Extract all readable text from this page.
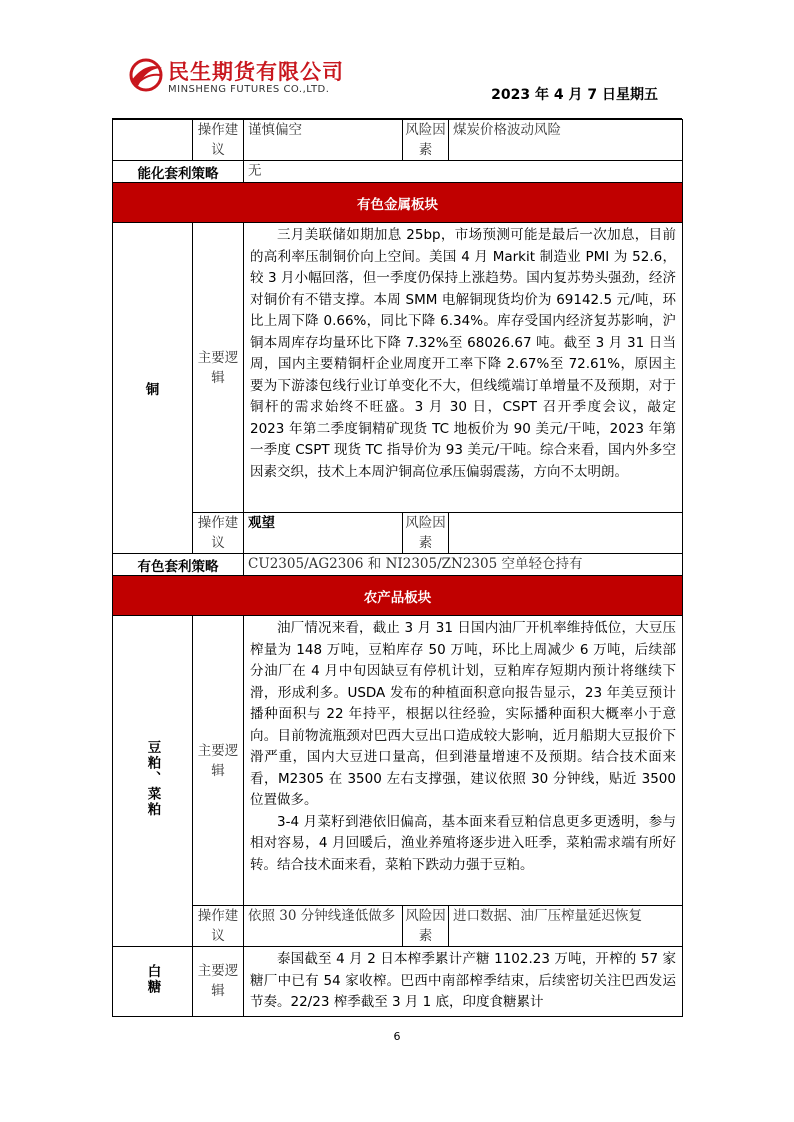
民生期货有限公司
MINSHENG FUTURES CO.,LTD.	2023 年 4 月 7 日星期五
	操作建议	谨慎偏空	风险因素	煤炭价格波动风险
能化套利策略		无		
有色金属板块				
铜	主要逻辑	三月美联储如期加息 25bp，市场预测可能是最后一次加息，目前的高利率压制铜价向上空间。美国 4 月 Markit 制造业 PMI 为 52.6，较 3 月小幅回落，但一季度仍保持上涨趋势。国内复苏势头强劲，经济对铜价有不错支撑。本周 SMM 电解铜现货均价为 69142.5 元/吨，环比上周下降 0.66%，同比下降 6.34%。库存受国内经济复苏影响，沪铜本周库存均量环比下降 7.32%至 68026.67 吨。截至 3 月 31 日当周，国内主要精铜杆企业周度开工率下降 2.67%至 72.61%，原因主要为下游漆包线行业订单变化不大，但线缆端订单增量不及预期，对于铜杆的需求始终不旺盛。3 月 30 日，CSPT 召开季度会议，敲定 2023 年第二季度铜精矿现货 TC 地板价为 90 美元/干吨，2023 年第一季度 CSPT 现货 TC 指导价为 93 美元/干吨。综合来看，国内外多空因素交织，技术上本周沪铜高位承压偏弱震荡，方向不太明朗。		

	操作建议	观望	风险因素	
有色套利策略		CU2305/AG2306 和 NI2305/ZN2305 空单轻仓持有		
农产品板块				
豆粕、菜粕	主要逻辑	油厂情况来看，截止 3 月 31 日国内油厂开机率维持低位，大豆压榨量为 148 万吨，豆粕库存 50 万吨，环比上周减少 6 万吨，后续部分油厂在 4 月中旬因缺豆有停机计划，豆粕库存短期内预计将继续下滑，形成利多。USDA 发布的种植面积意向报告显示，23 年美豆预计播种面积与 22 年持平，根据以往经验，实际播种面积大概率小于意向。目前物流瓶颈对巴西大豆出口造成较大影响，近月船期大豆报价下滑严重，国内大豆进口量高，但到港量增速不及预期。结合技术面来看，M2305 在 3500 左右支撑强，建议依照 30 分钟线，贴近 3500 位置做多。

3-4 月菜籽到港依旧偏高，基本面来看豆粕信息更多更透明，参与相对容易，4 月回暖后，渔业养殖将逐步进入旺季，菜粕需求端有所好转。结合技术面来看，菜粕下跌动力强于豆粕。		

	操作建议	依照 30 分钟线逢低做多	风险因素	进口数据、油厂压榨量延迟恢复
白糖	主要逻辑	泰国截至 4 月 2 日本榨季累计产糖 1102.23 万吨，开榨的 57 家糖厂中已有 54 家收榨。巴西中南部榨季结束，后续密切关注巴西发运节奏。22/23 榨季截至 3 月 1 底，印度食糖累计		

6
